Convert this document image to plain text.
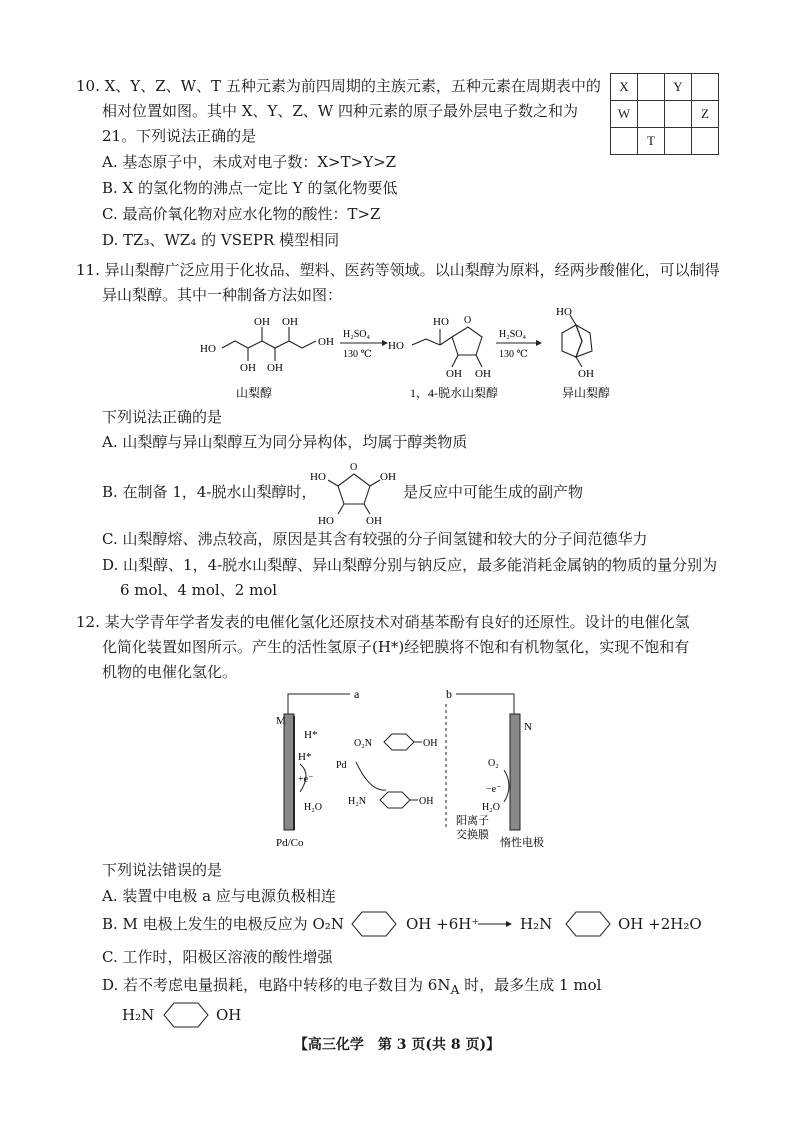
10. X、Y、Z、W、T 五种元素为前四周期的主族元素，五种元素在周期表中的
相对位置如图。其中 X、Y、Z、W 四种元素的原子最外层电子数之和为
21。下列说法正确的是
A. 基态原子中，未成对电子数：X>T>Y>Z
B. X 的氢化物的沸点一定比 Y 的氢化物要低
C. 最高价氧化物对应水化物的酸性：T>Z
D. TZ₃、WZ₄ 的 VSEPR 模型相同
X		Y	
W			Z
	T		
11. 异山梨醇广泛应用于化妆品、塑料、医药等领域。以山梨醇为原料，经两步酸催化，可以制得
异山梨醇。其中一种制备方法如图：
HO
OH OH
OH
OH
OH
H₂SO₄
130 ℃
HO
HO O
OH OH
H₂SO₄
130 ℃
HO
OH
山梨醇	1，4-脱水山梨醇	异山梨醇
下列说法正确的是
A. 山梨醇与异山梨醇互为同分异构体，均属于醇类物质
B. 在制备 1，4-脱水山梨醇时，
O
HO	OH
HO	OH
是反应中可能生成的副产物
C. 山梨醇熔、沸点较高，原因是其含有较强的分子间氢键和较大的分子间范德华力
D. 山梨醇、1，4-脱水山梨醇、异山梨醇分别与钠反应，最多能消耗金属钠的物质的量分别为
6 mol、4 mol、2 mol
12. 某大学青年学者发表的电催化氢化还原技术对硝基苯酚有良好的还原性。设计的电催化氢
化简化装置如图所示。产生的活性氢原子(H*)经钯膜将不饱和有机物氢化，实现不饱和有
机物的电催化氢化。
a	b
M	N
H*
H*
+e⁻
H₂O
O₂N	OH
Pd
H₂N	OH
阳离子
交换膜
O₂
−e⁻
H₂O
Pd/Co	惰性电极
下列说法错误的是
A. 装置中电极 a 应与电源负极相连
B. M 电极上发生的电极反应为 O₂N	OH +6H⁺	H₂N	OH +2H₂O
C. 工作时，阳极区溶液的酸性增强
D. 若不考虑电量损耗，电路中转移的电子数目为 $6N_A$ 时，最多生成 1 mol
H₂N	OH
【高三化学　第 3 页(共 8 页)】
